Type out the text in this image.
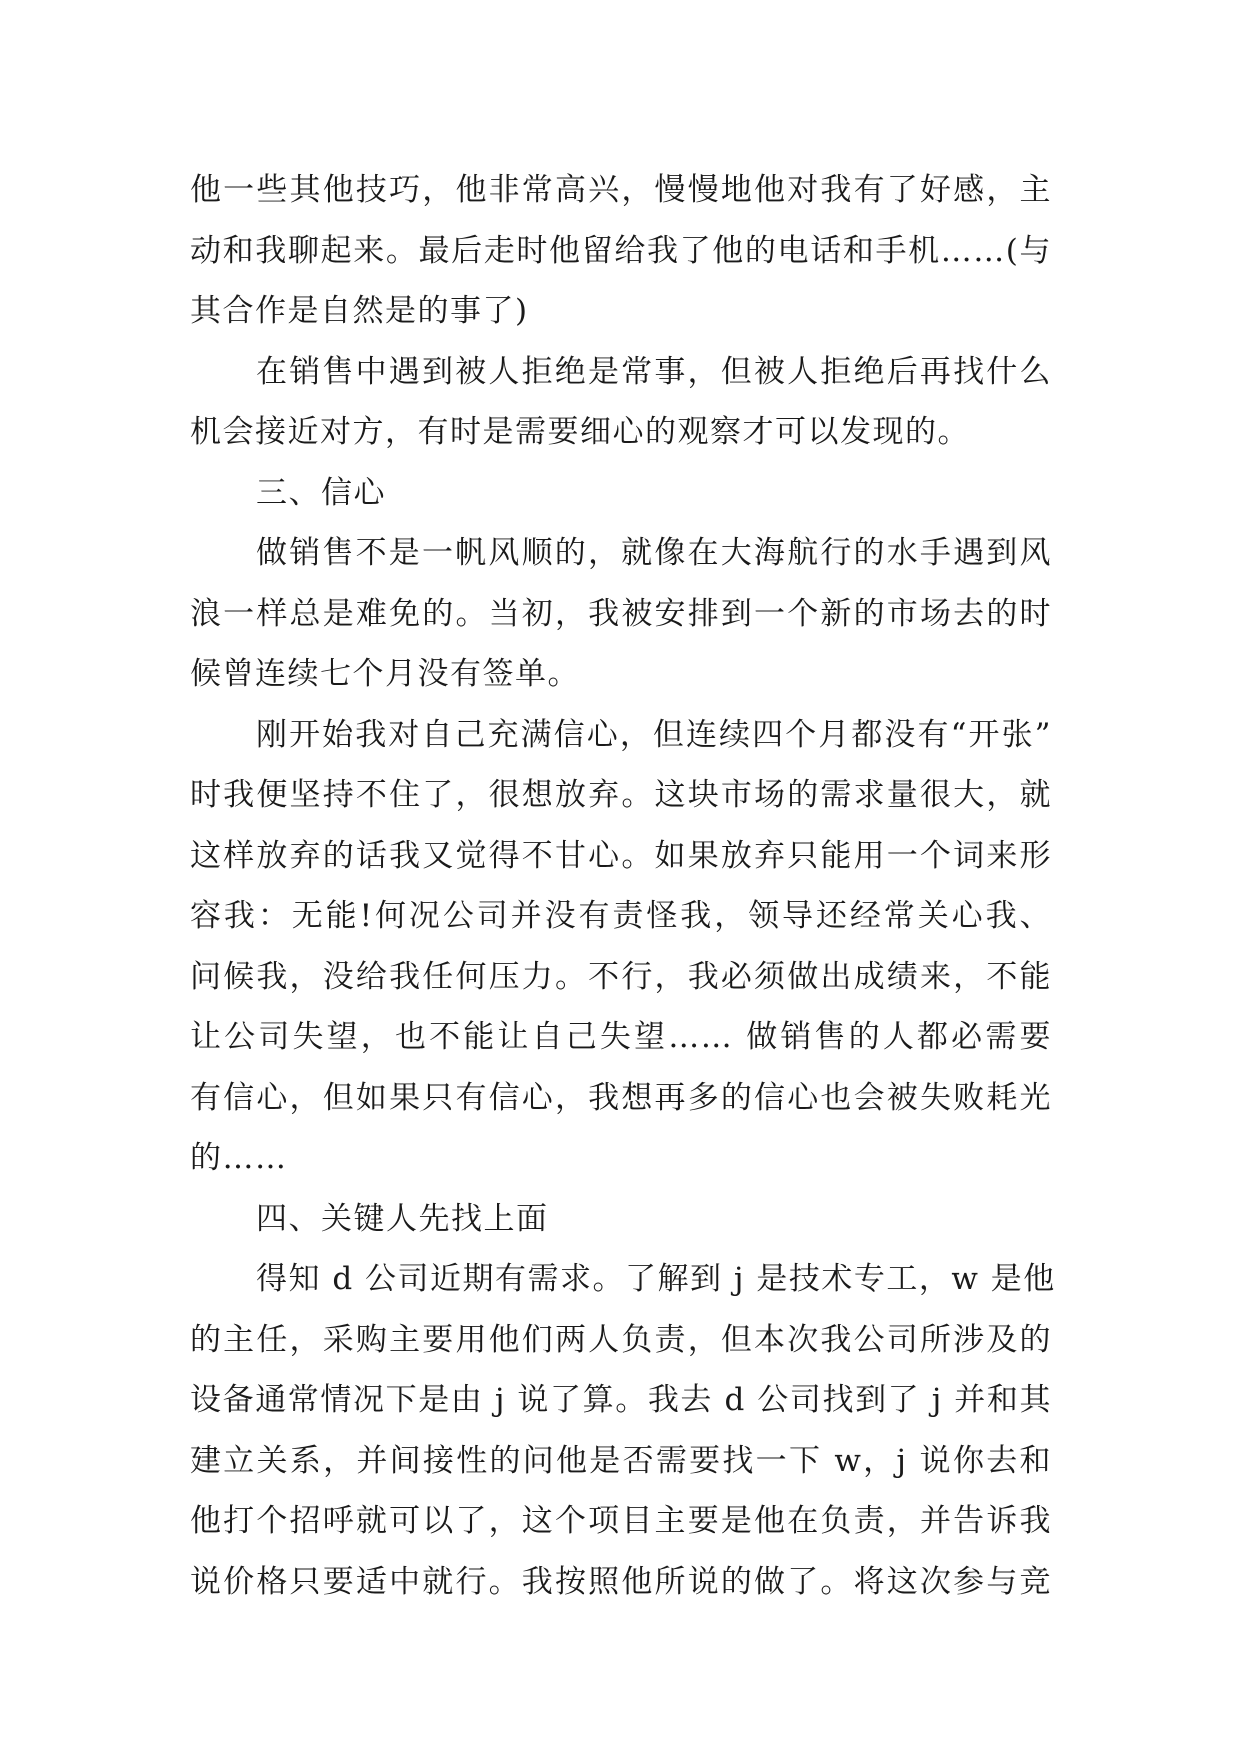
他一些其他技巧，他非常高兴，慢慢地他对我有了好感，主
动和我聊起来。最后走时他留给我了他的电话和手机……(与
其合作是自然是的事了)
在销售中遇到被人拒绝是常事，但被人拒绝后再找什么
机会接近对方，有时是需要细心的观察才可以发现的。
三、信心
做销售不是一帆风顺的，就像在大海航行的水手遇到风
浪一样总是难免的。当初，我被安排到一个新的市场去的时
候曾连续七个月没有签单。
刚开始我对自己充满信心，但连续四个月都没有“开张”
时我便坚持不住了，很想放弃。这块市场的需求量很大，就
这样放弃的话我又觉得不甘心。如果放弃只能用一个词来形
容我：无能!何况公司并没有责怪我，领导还经常关心我、
问候我，没给我任何压力。不行，我必须做出成绩来，不能
让公司失望，也不能让自己失望…… 做销售的人都必需要
有信心，但如果只有信心，我想再多的信心也会被失败耗光
的……
四、关键人先找上面
得知 d 公司近期有需求。了解到 j 是技术专工，w 是他
的主任，采购主要用他们两人负责，但本次我公司所涉及的
设备通常情况下是由 j 说了算。我去 d 公司找到了 j 并和其
建立关系，并间接性的问他是否需要找一下 w，j 说你去和
他打个招呼就可以了，这个项目主要是他在负责，并告诉我
说价格只要适中就行。我按照他所说的做了。将这次参与竞
